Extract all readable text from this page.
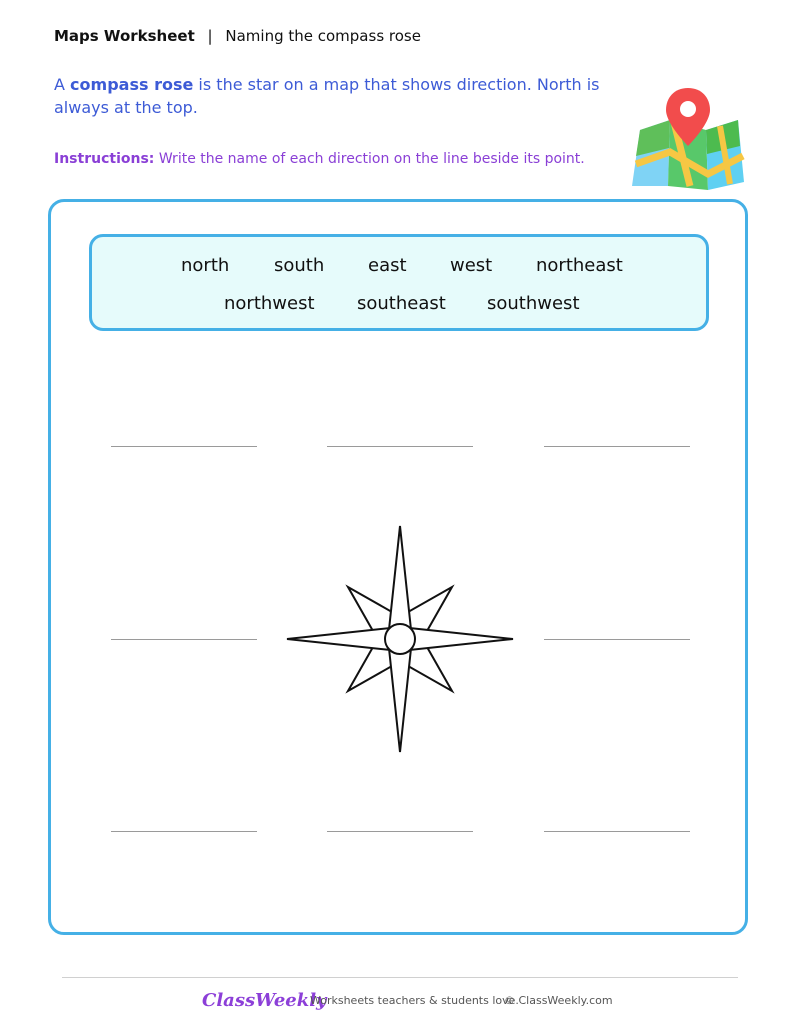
Maps Worksheet | Naming the compass rose
A compass rose is the star on a map that shows direction. North is always at the top.
Instructions: Write the name of each direction on the line beside its point.
north south east west northeast
northwest southeast southwest
ClassWeekly
Worksheets teachers & students love.
© ClassWeekly.com
